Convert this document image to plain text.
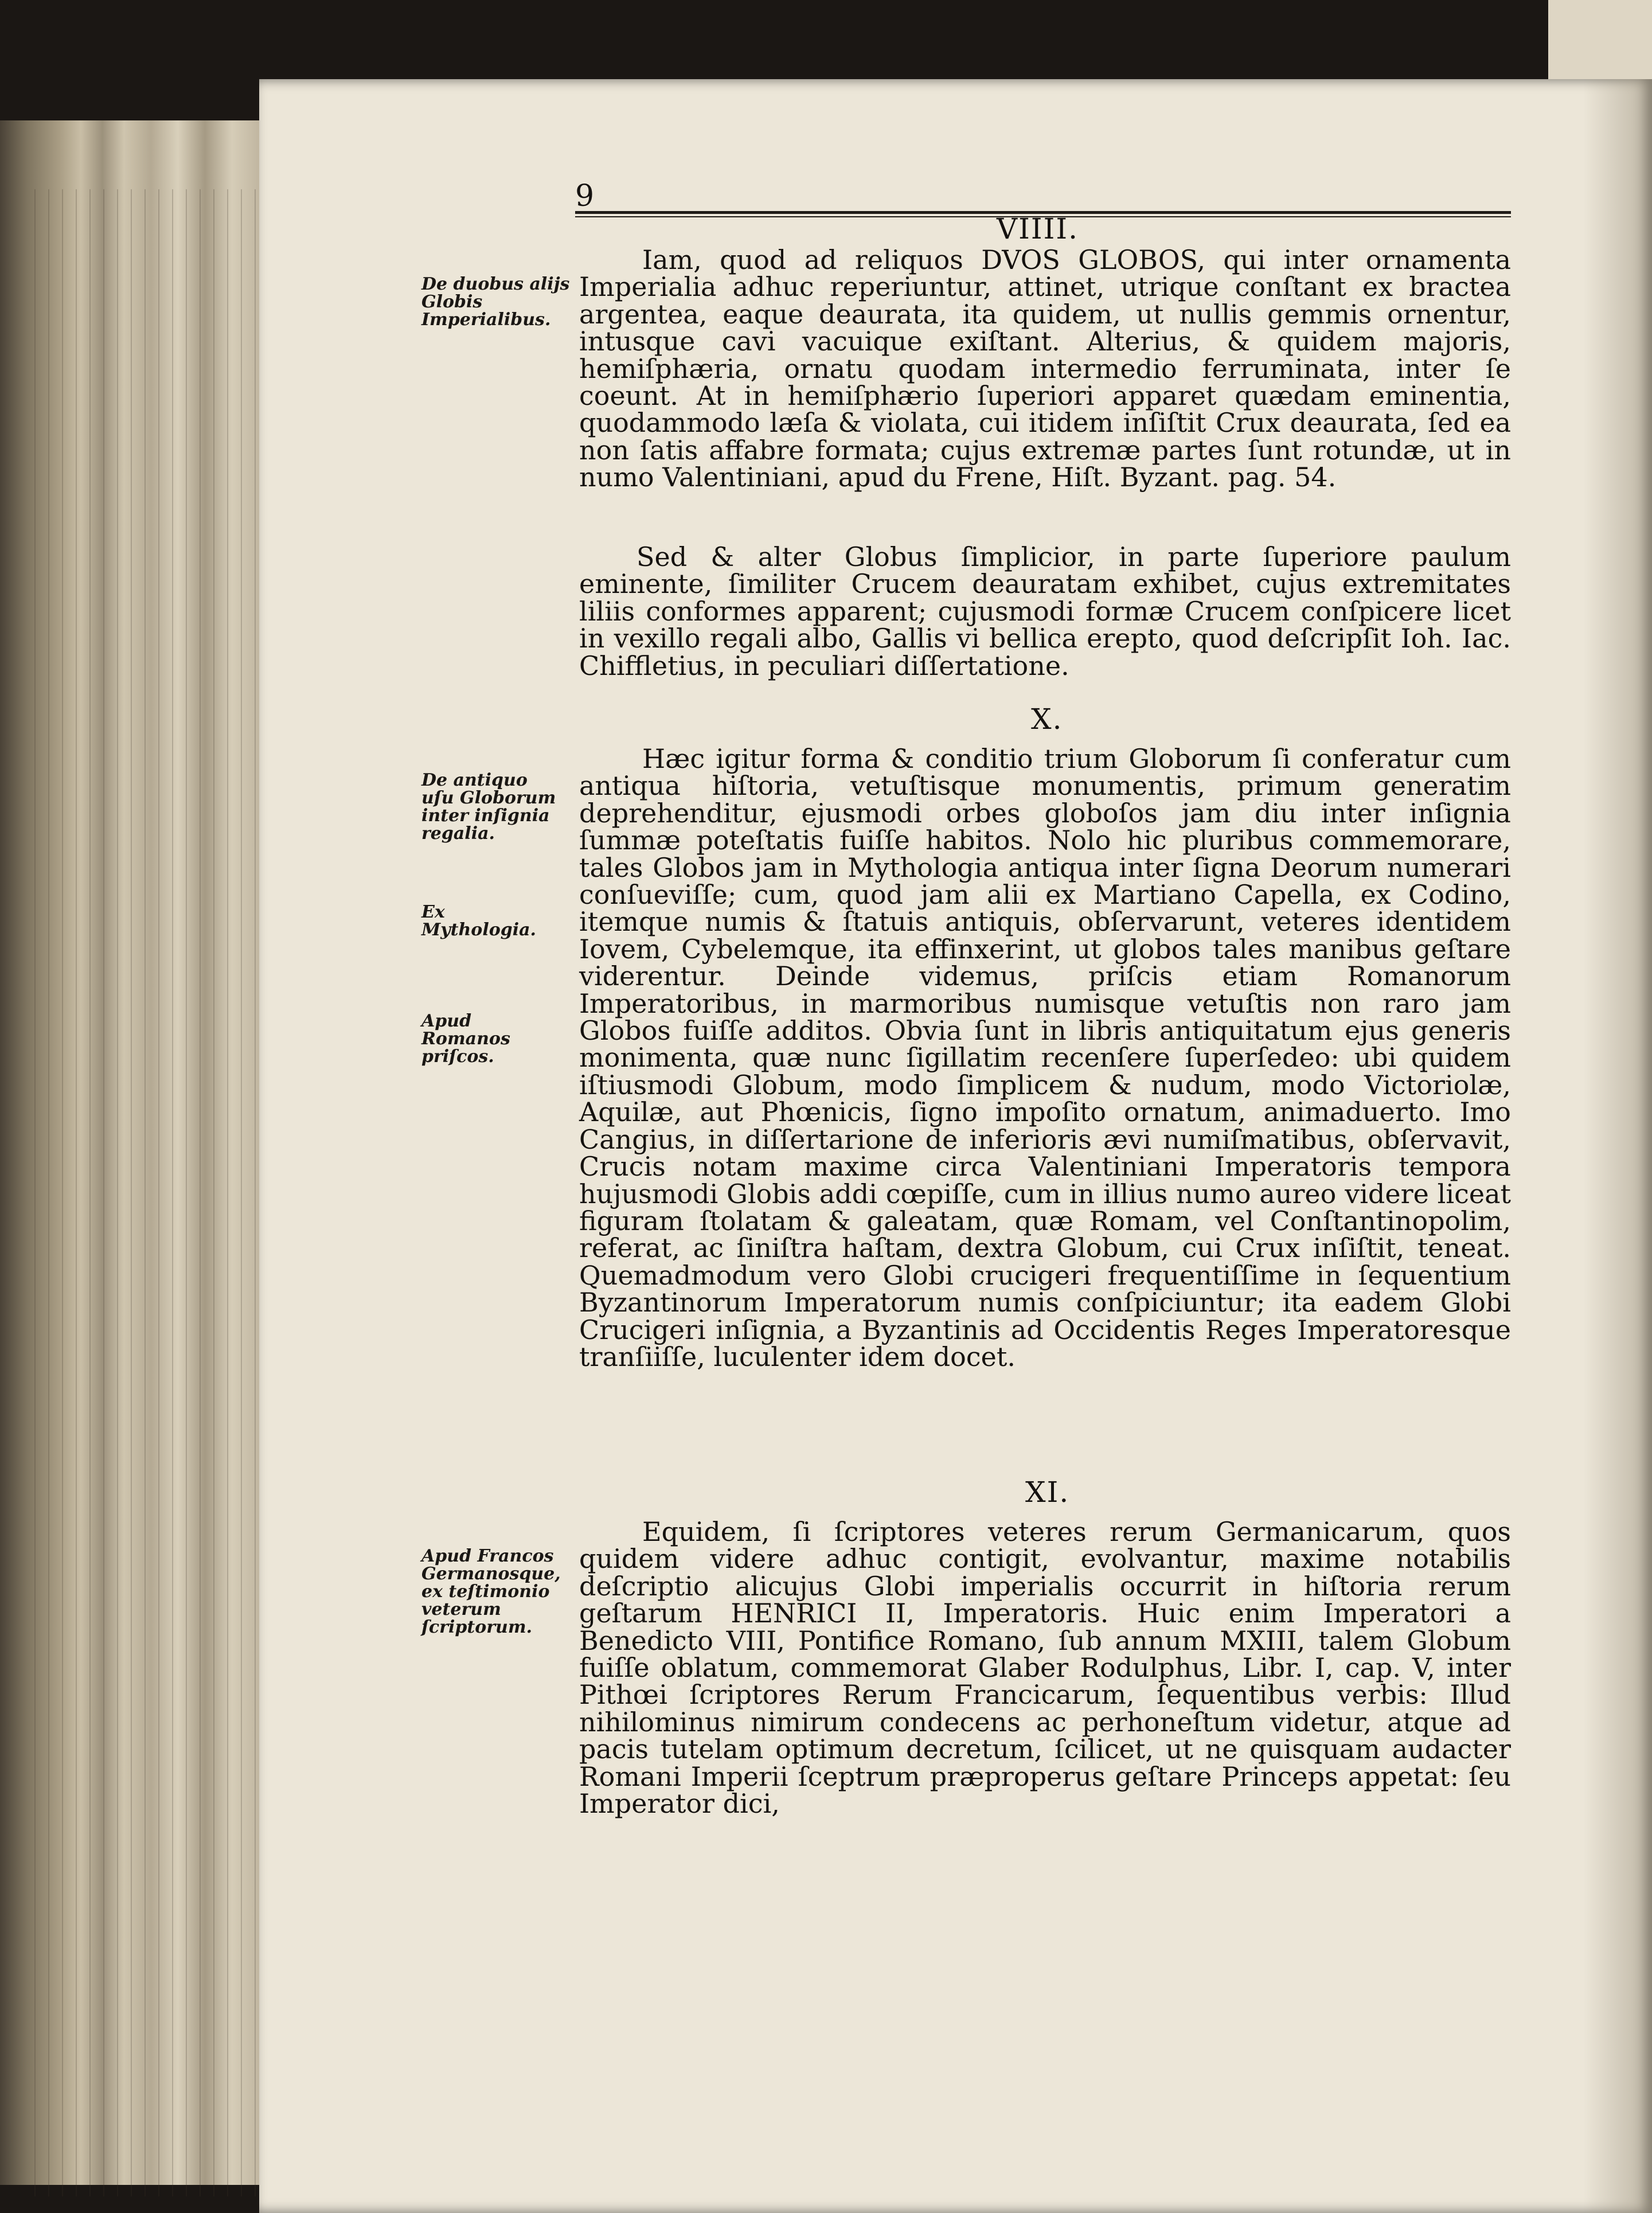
9
VIIII.
De duobus alijs Globis Imperialibus.

Iam, quod ad reliquos DVOS GLOBOS, qui inter ornamenta Imperialia adhuc reperiuntur, attinet, utrique conſtant ex bractea argentea, eaque deaurata, ita quidem, ut nullis gemmis ornentur, intusque cavi vacuique exiſtant. Alterius, & quidem majoris, hemiſphæria, ornatu quodam intermedio ferruminata, inter ſe coeunt. At in hemiſphærio ſuperiori apparet quædam eminentia, quodammodo læſa & violata, cui itidem inſiſtit Crux deaurata, ſed ea non ſatis affabre formata; cujus extremæ partes ſunt rotundæ, ut in numo Valentiniani, apud du Frene, Hiſt. Byzant. pag. 54.

Sed & alter Globus ſimplicior, in parte ſuperiore paulum eminente, ſimiliter Crucem deauratam exhibet, cujus extremitates liliis conformes apparent; cujusmodi formæ Crucem conſpicere licet in vexillo regali albo, Gallis vi bellica erepto, quod deſcripſit Ioh. Iac. Chiffletius, in peculiari diſſertatione.

X.
De antiquo uſu Globorum inter inſignia regalia.
Ex Mythologia.
Apud Romanos priſcos.

Hæc igitur forma & conditio trium Globorum ſi conferatur cum antiqua hiſtoria, vetuſtisque monumentis, primum generatim deprehenditur, ejusmodi orbes globoſos jam diu inter inſignia ſummæ poteſtatis fuiſſe habitos. Nolo hic pluribus commemorare, tales Globos jam in Mythologia antiqua inter ſigna Deorum numerari conſueviſſe; cum, quod jam alii ex Martiano Capella, ex Codino, itemque numis & ſtatuis antiquis, obſervarunt, veteres identidem Iovem, Cybelemque, ita effinxerint, ut globos tales manibus geſtare viderentur. Deinde videmus, priſcis etiam Romanorum Imperatoribus, in marmoribus numisque vetuſtis non raro jam Globos fuiſſe additos. Obvia ſunt in libris antiquitatum ejus generis monimenta, quæ nunc ſigillatim recenſere ſuperſedeo: ubi quidem iſtiusmodi Globum, modo ſimplicem & nudum, modo Victoriolæ, Aquilæ, aut Phœnicis, ſigno impoſito ornatum, animaduerto. Imo Cangius, in diſſertarione de inferioris ævi numiſmatibus, obſervavit, Crucis notam maxime circa Valentiniani Imperatoris tempora hujusmodi Globis addi cœpiſſe, cum in illius numo aureo videre liceat figuram ſtolatam & galeatam, quæ Romam, vel Conſtantinopolim, referat, ac ſiniſtra haſtam, dextra Globum, cui Crux inſiſtit, teneat. Quemadmodum vero Globi crucigeri frequentiſſime in ſequentium Byzantinorum Imperatorum numis conſpiciuntur; ita eadem Globi Crucigeri inſignia, a Byzantinis ad Occidentis Reges Imperatoresque tranſiiſſe, luculenter idem docet.

XI.
Apud Francos Germanosque, ex teſtimonio veterum ſcriptorum.

Equidem, ſi ſcriptores veteres rerum Germanicarum, quos quidem videre adhuc contigit, evolvantur, maxime notabilis deſcriptio alicujus Globi imperialis occurrit in hiſtoria rerum geſtarum HENRICI II, Imperatoris. Huic enim Imperatori a Benedicto VIII, Pontifice Romano, ſub annum MXIII, talem Globum fuiſſe oblatum, commemorat Glaber Rodulphus, Libr. I, cap. V, inter Pithœi ſcriptores Rerum Francicarum, ſequentibus verbis: Illud nihilominus nimirum condecens ac perhoneſtum videtur, atque ad pacis tutelam optimum decretum, ſcilicet, ut ne quisquam audacter Romani Imperii ſceptrum præproperus geſtare Princeps appetat: ſeu Imperator dici,
